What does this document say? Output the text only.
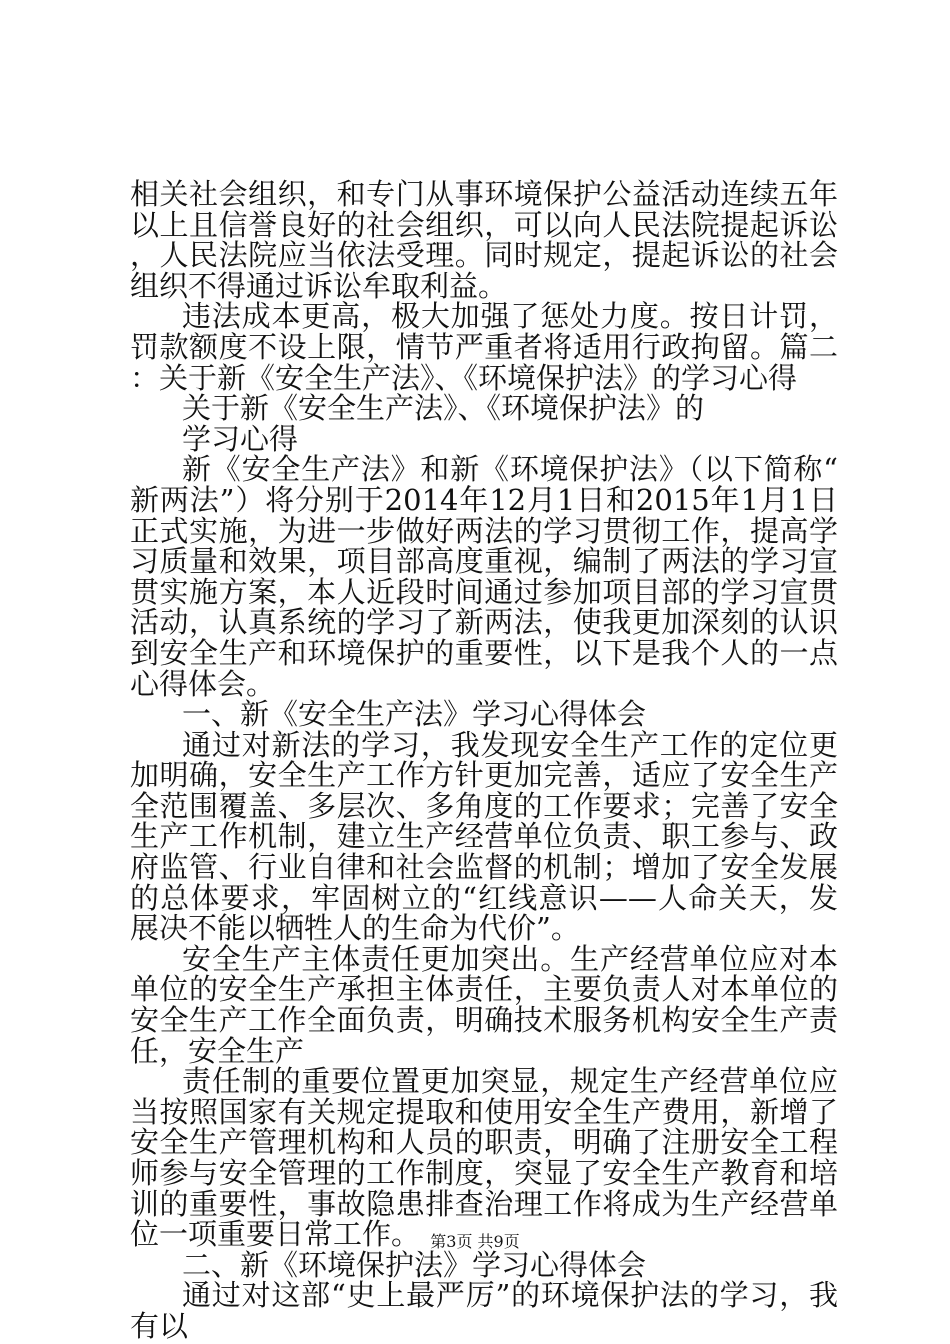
相关社会组织，和专门从事环境保护公益活动连续五年以上且信誉良好的社会组织，可以向人民法院提起诉讼，人民法院应当依法受理。同时规定，提起诉讼的社会组织不得通过诉讼牟取利益。

违法成本更高，极大加强了惩处力度。按日计罚，罚款额度不设上限，情节严重者将适用行政拘留。篇二：关于新《安全生产法》、《环境保护法》的学习心得

关于新《安全生产法》、《环境保护法》的

学习心得

新《安全生产法》和新《环境保护法》（以下简称“新两法”）将分别于2014年12月1日和2015年1月1日正式实施，为进一步做好两法的学习贯彻工作，提高学习质量和效果，项目部高度重视，编制了两法的学习宣贯实施方案，本人近段时间通过参加项目部的学习宣贯活动，认真系统的学习了新两法，使我更加深刻的认识到安全生产和环境保护的重要性，以下是我个人的一点心得体会。

一、新《安全生产法》学习心得体会

通过对新法的学习，我发现安全生产工作的定位更加明确，安全生产工作方针更加完善，适应了安全生产全范围覆盖、多层次、多角度的工作要求；完善了安全生产工作机制，建立生产经营单位负责、职工参与、政府监管、行业自律和社会监督的机制；增加了安全发展的总体要求，牢固树立的“红线意识——人命关天，发展决不能以牺牲人的生命为代价”。

安全生产主体责任更加突出。生产经营单位应对本单位的安全生产承担主体责任，主要负责人对本单位的安全生产工作全面负责，明确技术服务机构安全生产责任，安全生产

责任制的重要位置更加突显，规定生产经营单位应当按照国家有关规定提取和使用安全生产费用，新增了安全生产管理机构和人员的职责，明确了注册安全工程师参与安全管理的工作制度，突显了安全生产教育和培训的重要性，事故隐患排查治理工作将成为生产经营单位一项重要日常工作。

二、新《环境保护法》学习心得体会

通过对这部“史上最严厉”的环境保护法的学习，我有以

第3页 共9页
